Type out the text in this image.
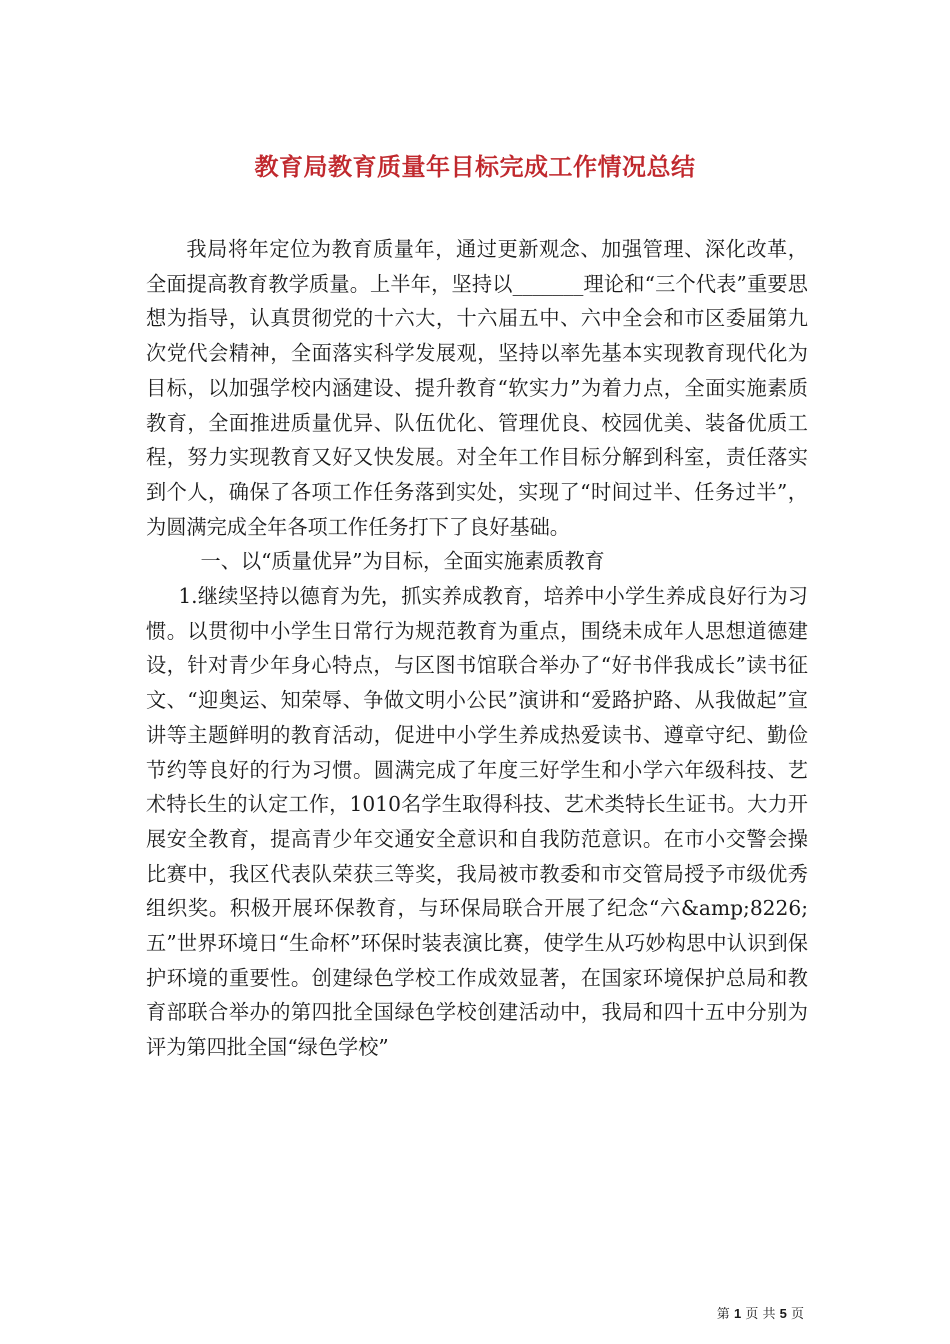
教育局教育质量年目标完成工作情况总结

我局将年定位为教育质量年，通过更新观念、加强管理、深化改革，全面提高教育教学质量。上半年，坚持以_______理论和“三个代表”重要思想为指导，认真贯彻党的十六大，十六届五中、六中全会和市区委届第九次党代会精神，全面落实科学发展观，坚持以率先基本实现教育现代化为目标，以加强学校内涵建设、提升教育“软实力”为着力点，全面实施素质教育，全面推进质量优异、队伍优化、管理优良、校园优美、装备优质工程，努力实现教育又好又快发展。对全年工作目标分解到科室，责任落实到个人，确保了各项工作任务落到实处，实现了“时间过半、任务过半”，为圆满完成全年各项工作任务打下了良好基础。

一、以“质量优异”为目标，全面实施素质教育

1.继续坚持以德育为先，抓实养成教育，培养中小学生养成良好行为习惯。以贯彻中小学生日常行为规范教育为重点，围绕未成年人思想道德建设，针对青少年身心特点，与区图书馆联合举办了“好书伴我成长”读书征文、“迎奥运、知荣辱、争做文明小公民”演讲和“爱路护路、从我做起”宣讲等主题鲜明的教育活动，促进中小学生养成热爱读书、遵章守纪、勤俭节约等良好的行为习惯。圆满完成了年度三好学生和小学六年级科技、艺术特长生的认定工作，1010名学生取得科技、艺术类特长生证书。大力开展安全教育，提高青少年交通安全意识和自我防范意识。在市小交警会操比赛中，我区代表队荣获三等奖，我局被市教委和市交管局授予市级优秀组织奖。积极开展环保教育，与环保局联合开展了纪念“六&amp;8226;五”世界环境日“生命杯”环保时装表演比赛，使学生从巧妙构思中认识到保护环境的重要性。创建绿色学校工作成效显著，在国家环境保护总局和教育部联合举办的第四批全国绿色学校创建活动中，我局和四十五中分别为评为第四批全国“绿色学校”

第 1 页 共 5 页
